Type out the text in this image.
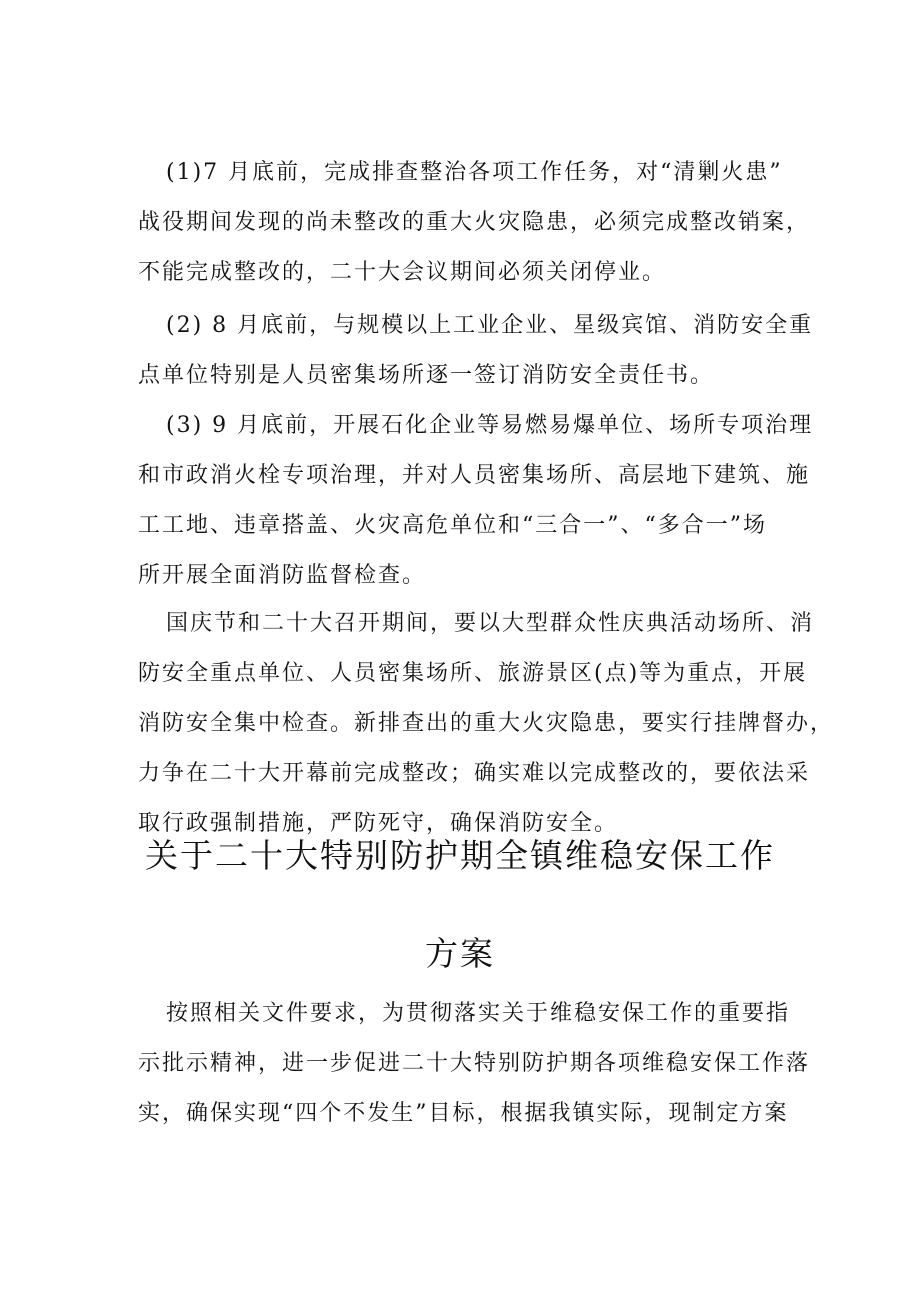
(1)7 月底前，完成排查整治各项工作任务，对“清剿火患”
战役期间发现的尚未整改的重大火灾隐患，必须完成整改销案，
不能完成整改的，二十大会议期间必须关闭停业。
(2) 8 月底前，与规模以上工业企业、星级宾馆、消防安全重
点单位特别是人员密集场所逐一签订消防安全责任书。
(3) 9 月底前，开展石化企业等易燃易爆单位、场所专项治理
和市政消火栓专项治理，并对人员密集场所、高层地下建筑、施
工工地、违章搭盖、火灾高危单位和“三合一”、“多合一”场
所开展全面消防监督检查。
国庆节和二十大召开期间，要以大型群众性庆典活动场所、消
防安全重点单位、人员密集场所、旅游景区(点)等为重点，开展
消防安全集中检查。新排查出的重大火灾隐患，要实行挂牌督办，
力争在二十大开幕前完成整改；确实难以完成整改的，要依法采
取行政强制措施，严防死守，确保消防安全。
关于二十大特别防护期全镇维稳安保工作
方案
按照相关文件要求，为贯彻落实关于维稳安保工作的重要指
示批示精神，进一步促进二十大特别防护期各项维稳安保工作落
实，确保实现“四个不发生”目标，根据我镇实际，现制定方案
